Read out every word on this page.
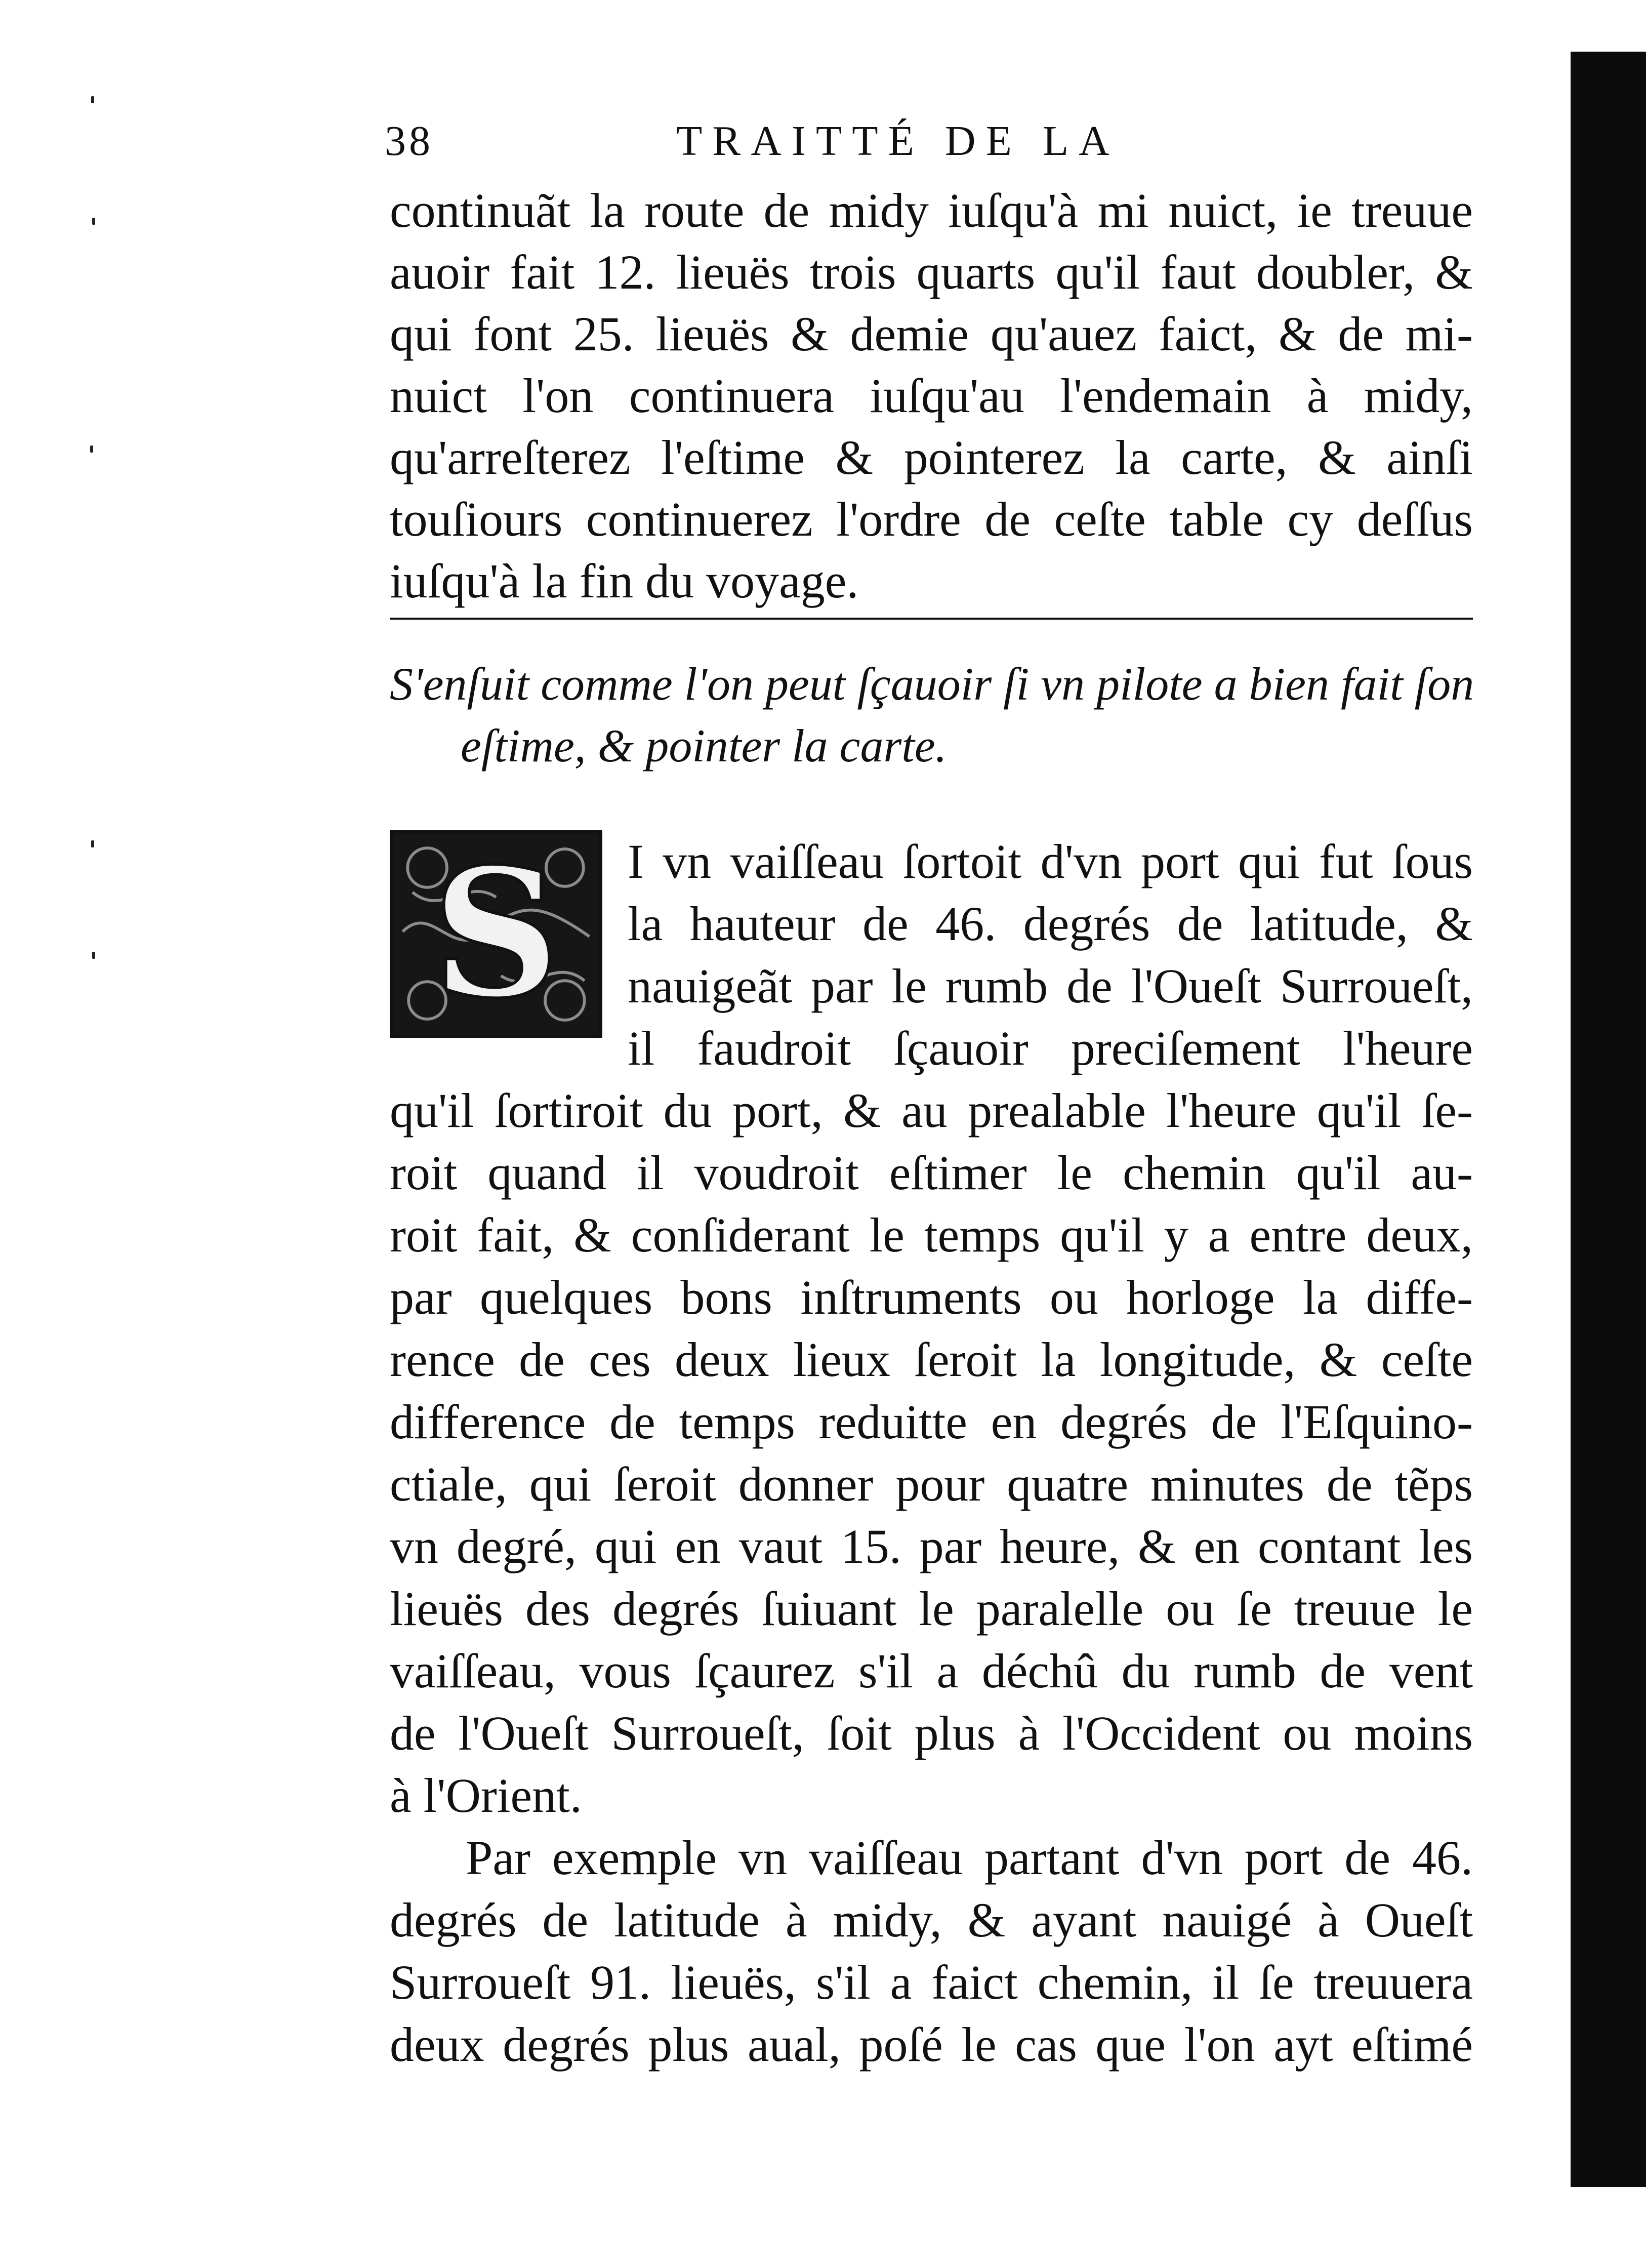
38	TRAITTÉ DE LA
continuãt la route de midy iuſqu'à mi nuict, ie treuue
auoir fait 12. lieuës trois quarts qu'il faut doubler, &
qui font 25. lieuës & demie qu'auez faict, & de mi-
nuict l'on continuera iuſqu'au l'endemain à midy,
qu'arreſterez l'eſtime & pointerez la carte, & ainſi
touſiours continuerez l'ordre de ceſte table cy deſſus
iuſqu'à la fin du voyage.
S'enſuit comme l'on peut ſçauoir ſi vn pilote a bien fait ſon
eſtime, & pointer la carte.
S	I vn vaiſſeau ſortoit d'vn port qui fut ſous
la hauteur de 46. degrés de latitude, &
nauigeãt par le rumb de l'Oueſt Surroueſt,
il faudroit ſçauoir preciſement l'heure
qu'il ſortiroit du port, & au prealable l'heure qu'il ſe-
roit quand il voudroit eſtimer le chemin qu'il au-
roit fait, & conſiderant le temps qu'il y a entre deux,
par quelques bons inſtruments ou horloge la diffe-
rence de ces deux lieux ſeroit la longitude, & ceſte
difference de temps reduitte en degrés de l'Eſquino-
ctiale, qui ſeroit donner pour quatre minutes de tẽps
vn degré, qui en vaut 15. par heure, & en contant les
lieuës des degrés ſuiuant le paralelle ou ſe treuue le
vaiſſeau, vous ſçaurez s'il a déchû du rumb de vent
de l'Oueſt Surroueſt, ſoit plus à l'Occident ou moins
à l'Orient.
Par exemple vn vaiſſeau partant d'vn port de 46.
degrés de latitude à midy, & ayant nauigé à Oueſt
Surroueſt 91. lieuës, s'il a faict chemin, il ſe treuuera
deux degrés plus aual, poſé le cas que l'on ayt eſtimé
